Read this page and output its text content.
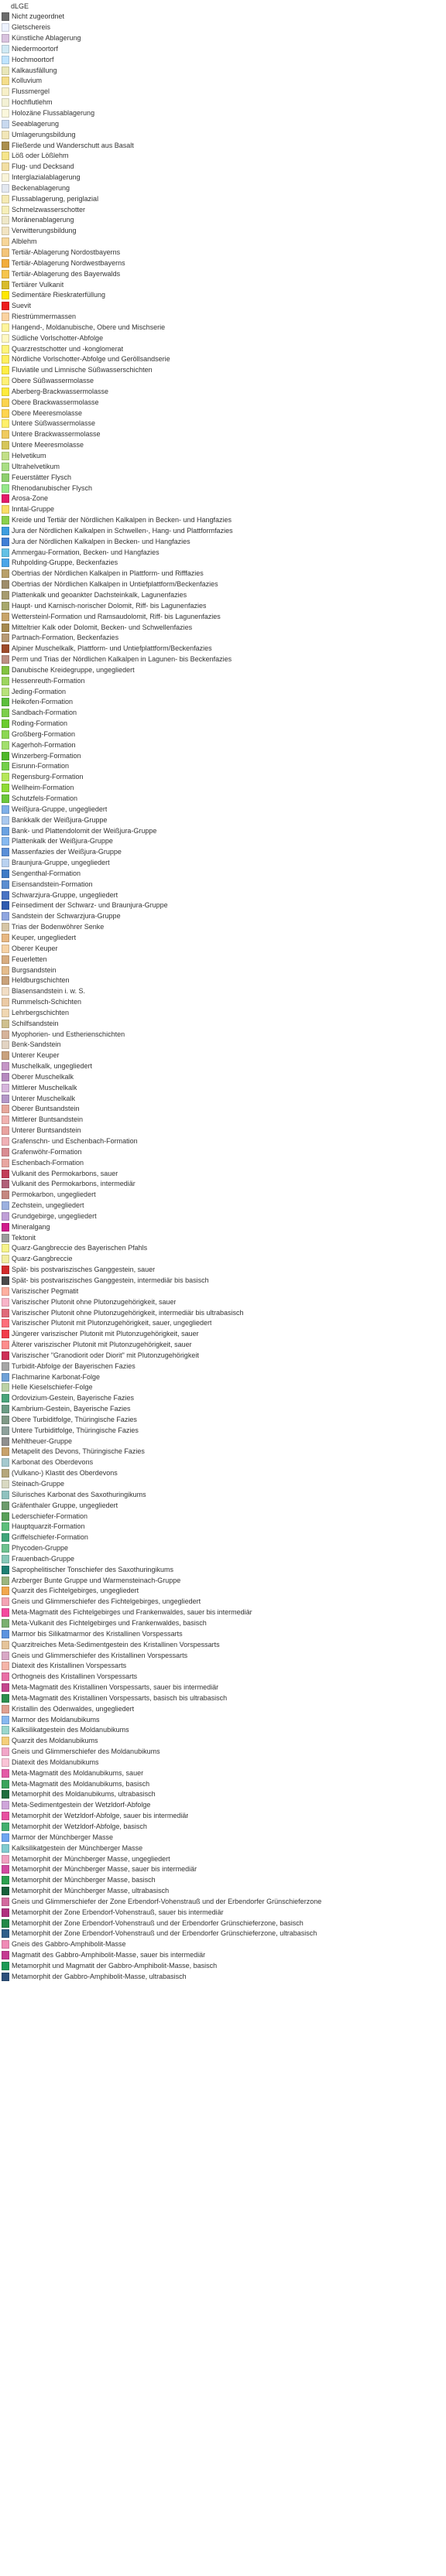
dLGE
Nicht zugeordnet
Gletschereis
Künstliche Ablagerung
Niedermoortorf
Hochmoortorf
Kalkausfällung
Kolluvium
Flussmergel
Hochflutlehm
Holozäne Flussablagerung
Seeablagerung
Umlagerungsbildung
Fließerde und Wanderschutt aus Basalt
Löß oder Lößlehm
Flug- und Decksand
Interglazialablagerung
Beckenablagerung
Flussablagerung, periglazial
Schmelzwasserschotter
Moränenablagerung
Verwitterungsbildung
Alblehm
Tertiär-Ablagerung Nordostbayerns
Tertiär-Ablagerung Nordwestbayerns
Tertiär-Ablagerung des Bayerwalds
Tertiärer Vulkanit
Sedimentäre Rieskraterfüllung
Suevit
Riestrümmermassen
Hangend-, Moldanubische, Obere und Mischserie
Südliche Vorlschotter-Abfolge
Quarzrestschotter und -konglomerat
Nördliche Vorlschotter-Abfolge und Geröllsandserie
Fluviatile und Limnische Süßwasserschichten
Obere Süßwassermolasse
Aberberg-Brackwassermolasse
Obere Brackwassermolasse
Obere Meeresmolasse
Untere Süßwassermolasse
Untere Brackwassermolasse
Untere Meeresmolasse
Helvetikum
Ultrahelvetikum
Feuerstätter Flysch
Rhenodanubischer Flysch
Arosa-Zone
Inntal-Gruppe
Kreide und Tertiär der Nördlichen Kalkalpen in Becken- und Hangfazies
Jura der Nördlichen Kalkalpen in Schwellen-, Hang- und Plattformfazies
Jura der Nördlichen Kalkalpen in Becken- und Hangfazies
Ammergau-Formation, Becken- und Hangfazies
Ruhpolding-Gruppe, Beckenfazies
Obertrias der Nördlichen Kalkalpen in Plattform- und Rifffazies
Obertrias der Nördlichen Kalkalpen in Untiefplattform/Beckenfazies
Plattenkalk und geoankter Dachsteinkalk, Lagunenfazies
Haupt- und Karnisch-norischer Dolomit, Riff- bis Lagunenfazies
Wettersteinl-Formation und Ramsaudolomit, Riff- bis Lagunenfazies
Mitteltrier Kalk oder Dolomit, Becken- und Schwellenfazies
Partnach-Formation, Beckenfazies
Alpiner Muschelkalk, Plattform- und Untiefplattform/Beckenfazies
Perm und Trias der Nördlichen Kalkalpen in Lagunen- bis Beckenfazies
Danubische Kreidegruppe, ungegliedert
Hessenreuth-Formation
Jeding-Formation
Heikofen-Formation
Sandbach-Formation
Roding-Formation
Großberg-Formation
Kagerhoh-Formation
Winzerberg-Formation
Eisrunn-Formation
Regensburg-Formation
Wellheim-Formation
Schutzfels-Formation
Weißjura-Gruppe, ungegliedert
Bankkalk der Weißjura-Gruppe
Bank- und Plattendolomit der Weißjura-Gruppe
Plattenkalk der Weißjura-Gruppe
Massenfazies der Weißjura-Gruppe
Braunjura-Gruppe, ungegliedert
Sengenthal-Formation
Eisensandstein-Formation
Schwarzjura-Gruppe, ungegliedert
Feinsediment der Schwarz- und Braunjura-Gruppe
Sandstein der Schwarzjura-Gruppe
Trias der Bodenwöhrer Senke
Keuper, ungegliedert
Oberer Keuper
Feuerletten
Burgsandstein
Heldburgschichten
Blasensandstein i. w. S.
Rummelsch-Schichten
Lehrbergschichten
Schilfsandstein
Myophorien- und Estherienschichten
Benk-Sandstein
Unterer Keuper
Muschelkalk, ungegliedert
Oberer Muschelkalk
Mittlerer Muschelkalk
Unterer Muschelkalk
Oberer Buntsandstein
Mittlerer Buntsandstein
Unterer Buntsandstein
Grafenschn- und Eschenbach-Formation
Grafenwöhr-Formation
Eschenbach-Formation
Vulkanit des Permokarbons, sauer
Vulkanit des Permokarbons, intermediär
Permokarbon, ungegliedert
Zechstein, ungegliedert
Grundgebirge, ungegliedert
Mineralgang
Tektonit
Quarz-Gangbreccie des Bayerischen Pfahls
Quarz-Gangbreccie
Spät- bis postvariszisches Ganggestein, sauer
Spät- bis postvariszisches Ganggestein, intermediär bis basisch
Variszischer Pegmatit
Variszischer Plutonit ohne Plutonzugehörigkeit, sauer
Variszischer Plutonit ohne Plutonzugehörigkeit, intermediär bis ultrabasisch
Variszischer Plutonit mit Plutonzugehörigkeit, sauer, ungegliedert
Jüngerer variszischer Plutonit mit Plutonzugehörigkeit, sauer
Älterer variszischer Plutonit mit Plutonzugehörigkeit, sauer
Variszischer "Granodiorit oder Diorit" mit Plutonzugehörigkeit
Turbidit-Abfolge der Bayerischen Fazies
Flachmarine Karbonat-Folge
Helle Kieselschiefer-Folge
Ordovizium-Gestein, Bayerische Fazies
Kambrium-Gestein, Bayerische Fazies
Obere Turbiditfolge, Thüringische Fazies
Untere Turbiditfolge, Thüringische Fazies
Mehltheuer-Gruppe
Metapelit des Devons, Thüringische Fazies
Karbonat des Oberdevons
(Vulkano-) Klastit des Oberdevons
Steinach-Gruppe
Silurisches Karbonat des Saxothuringikums
Gräfenthaler Gruppe, ungegliedert
Lederschiefer-Formation
Hauptquarzit-Formation
Griffelschiefer-Formation
Phycoden-Gruppe
Frauenbach-Gruppe
Saprophelitischer Tonschiefer des Saxothuringikums
Arzberger Bunte Gruppe und Warmensteinach-Gruppe
Quarzit des Fichtelgebirges, ungegliedert
Gneis und Glimmerschiefer des Fichtelgebirges, ungegliedert
Meta-Magmatit des Fichtelgebirges und Frankenwaldes, sauer bis intermediär
Meta-Vulkanit des Fichtelgebirges und Frankenwaldes, basisch
Marmor bis Silikatmarmor des Kristallinen Vorspessarts
Quarzitreiches Meta-Sedimentgestein des Kristallinen Vorspessarts
Gneis und Glimmerschiefer des Kristallinen Vorspessarts
Diatexit des Kristallinen Vorspessarts
Orthogneis des Kristallinen Vorspessarts
Meta-Magmatit des Kristallinen Vorspessarts, sauer bis intermediär
Meta-Magmatit des Kristallinen Vorspessarts, basisch bis ultrabasisch
Kristallin des Odenwaldes, ungegliedert
Marmor des Moldanubikums
Kalksilikatgestein des Moldanubikums
Quarzit des Moldanubikums
Gneis und Glimmerschiefer des Moldanubikums
Diatexit des Moldanubikums
Meta-Magmatit des Moldanubikums, sauer
Meta-Magmatit des Moldanubikums, basisch
Metamorphit des Moldanubikums, ultrabasisch
Meta-Sedimentgestein der Wetzldorf-Abfolge
Metamorphit der Wetzldorf-Abfolge, sauer bis intermediär
Metamorphit der Wetzldorf-Abfolge, basisch
Marmor der Münchberger Masse
Kalksilikatgestein der Münchberger Masse
Metamorphit der Münchberger Masse, ungegliedert
Metamorphit der Münchberger Masse, sauer bis intermediär
Metamorphit der Münchberger Masse, basisch
Metamorphit der Münchberger Masse, ultrabasisch
Gneis und Glimmerschiefer der Zone Erbendorf-Vohenstrauß und der Erbendorfer Grünschieferzone
Metamorphit der Zone Erbendorf-Vohenstrauß, sauer bis intermediär
Metamorphit der Zone Erbendorf-Vohenstrauß und der Erbendorfer Grünschieferzone, basisch
Metamorphit der Zone Erbendorf-Vohenstrauß und der Erbendorfer Grünschieferzone, ultrabasisch
Gneis des Gabbro-Amphibolit-Masse
Magmatit des Gabbro-Amphibolit-Masse, sauer bis intermediär
Metamorphit und Magmatit der Gabbro-Amphibolit-Masse, basisch
Metamorphit der Gabbro-Amphibolit-Masse, ultrabasisch
